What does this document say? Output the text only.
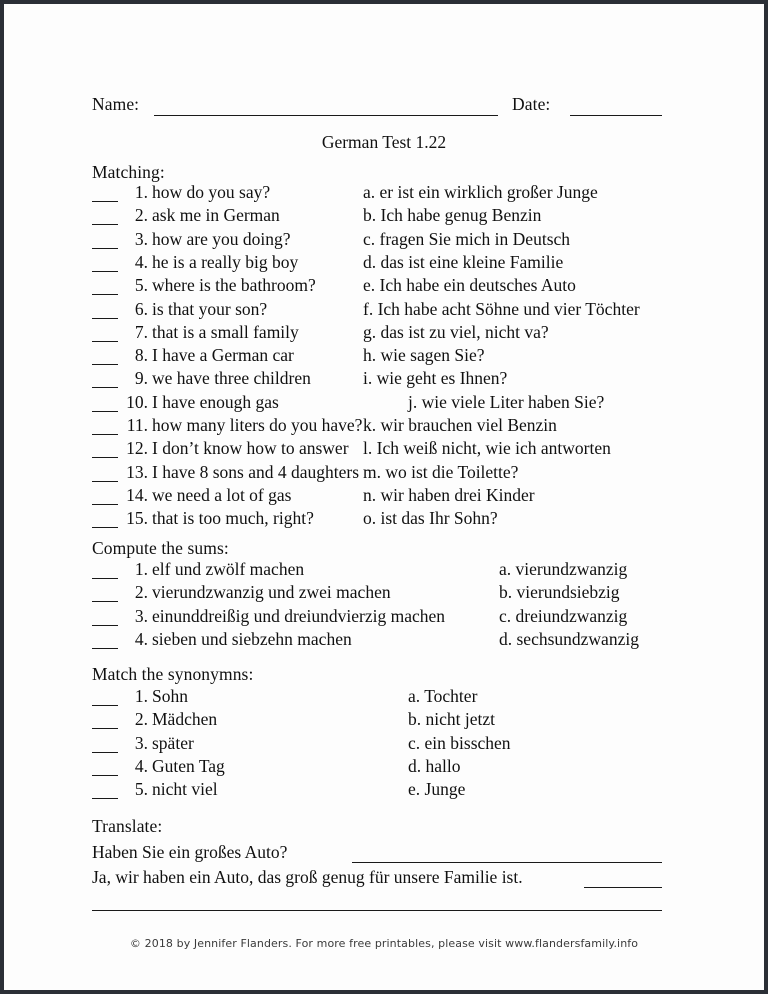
Name:	Date:
German Test 1.22
Matching:
1. how do you say?	a. er ist ein wirklich großer Junge
2. ask me in German	b. Ich habe genug Benzin
3. how are you doing?	c. fragen Sie mich in Deutsch
4. he is a really big boy	d. das ist eine kleine Familie
5. where is the bathroom?	e. Ich habe ein deutsches Auto
6. is that your son?	f. Ich habe acht Söhne und vier Töchter
7. that is a small family	g. das ist zu viel, nicht va?
8. I have a German car	h. wie sagen Sie?
9. we have three children	i. wie geht es Ihnen?
10. I have enough gas	j. wie viele Liter haben Sie?
11. how many liters do you have? k. wir brauchen viel Benzin
12. I don’t know how to answer l. Ich weiß nicht, wie ich antworten
13. I have 8 sons and 4 daughters m. wo ist die Toilette?
14. we need a lot of gas	n. wir haben drei Kinder
15. that is too much, right?	o. ist das Ihr Sohn?
Compute the sums:
1. elf und zwölf machen	a. vierundzwanzig
2. vierundzwanzig und zwei machen	b. vierundsiebzig
3. einunddreißig und dreiundvierzig machen	c. dreiundzwanzig
4. sieben und siebzehn machen	d. sechsundzwanzig
Match the synonymns:
1. Sohn	a. Tochter
2. Mädchen	b. nicht jetzt
3. später	c. ein bisschen
4. Guten Tag	d. hallo
5. nicht viel	e. Junge
Translate:
Haben Sie ein großes Auto?
Ja, wir haben ein Auto, das groß genug für unsere Familie ist.
© 2018 by Jennifer Flanders. For more free printables, please visit www.flandersfamily.info
